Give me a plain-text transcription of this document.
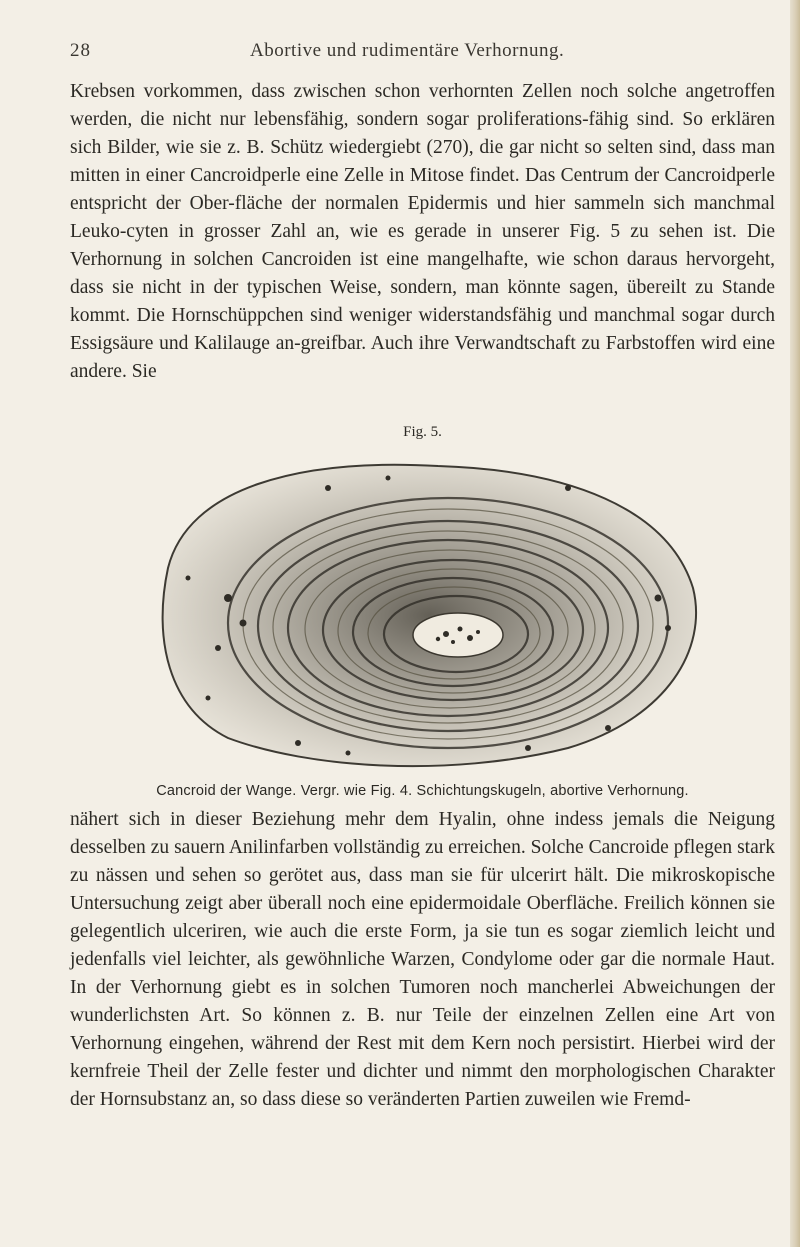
28	Abortive und rudimentäre Verhornung.

Krebsen vorkommen, dass zwischen schon verhornten Zellen noch solche angetroffen werden, die nicht nur lebensfähig, sondern sogar proliferations-fähig sind. So erklären sich Bilder, wie sie z. B. Schütz wiedergiebt (270), die gar nicht so selten sind, dass man mitten in einer Cancroidperle eine Zelle in Mitose findet. Das Centrum der Cancroidperle entspricht der Ober-fläche der normalen Epidermis und hier sammeln sich manchmal Leuko-cyten in grosser Zahl an, wie es gerade in unserer Fig. 5 zu sehen ist. Die Verhornung in solchen Cancroiden ist eine mangelhafte, wie schon daraus hervorgeht, dass sie nicht in der typischen Weise, sondern, man könnte sagen, übereilt zu Stande kommt. Die Hornschüppchen sind weniger widerstandsfähig und manchmal sogar durch Essigsäure und Kalilauge an-greifbar. Auch ihre Verwandtschaft zu Farbstoffen wird eine andere. Sie

Fig. 5.
Cancroid der Wange. Vergr. wie Fig. 4. Schichtungskugeln, abortive Verhornung.

nähert sich in dieser Beziehung mehr dem Hyalin, ohne indess jemals die Neigung desselben zu sauern Anilinfarben vollständig zu erreichen. Solche Cancroide pflegen stark zu nässen und sehen so gerötet aus, dass man sie für ulcerirt hält. Die mikroskopische Untersuchung zeigt aber überall noch eine epidermoidale Oberfläche. Freilich können sie gelegentlich ulceriren, wie auch die erste Form, ja sie tun es sogar ziemlich leicht und jedenfalls viel leichter, als gewöhnliche Warzen, Condylome oder gar die normale Haut. In der Verhornung giebt es in solchen Tumoren noch mancherlei Abweichungen der wunderlichsten Art. So können z. B. nur Teile der einzelnen Zellen eine Art von Verhornung eingehen, während der Rest mit dem Kern noch persistirt. Hierbei wird der kernfreie Theil der Zelle fester und dichter und nimmt den morphologischen Charakter der Hornsubstanz an, so dass diese so veränderten Partien zuweilen wie Fremd-
